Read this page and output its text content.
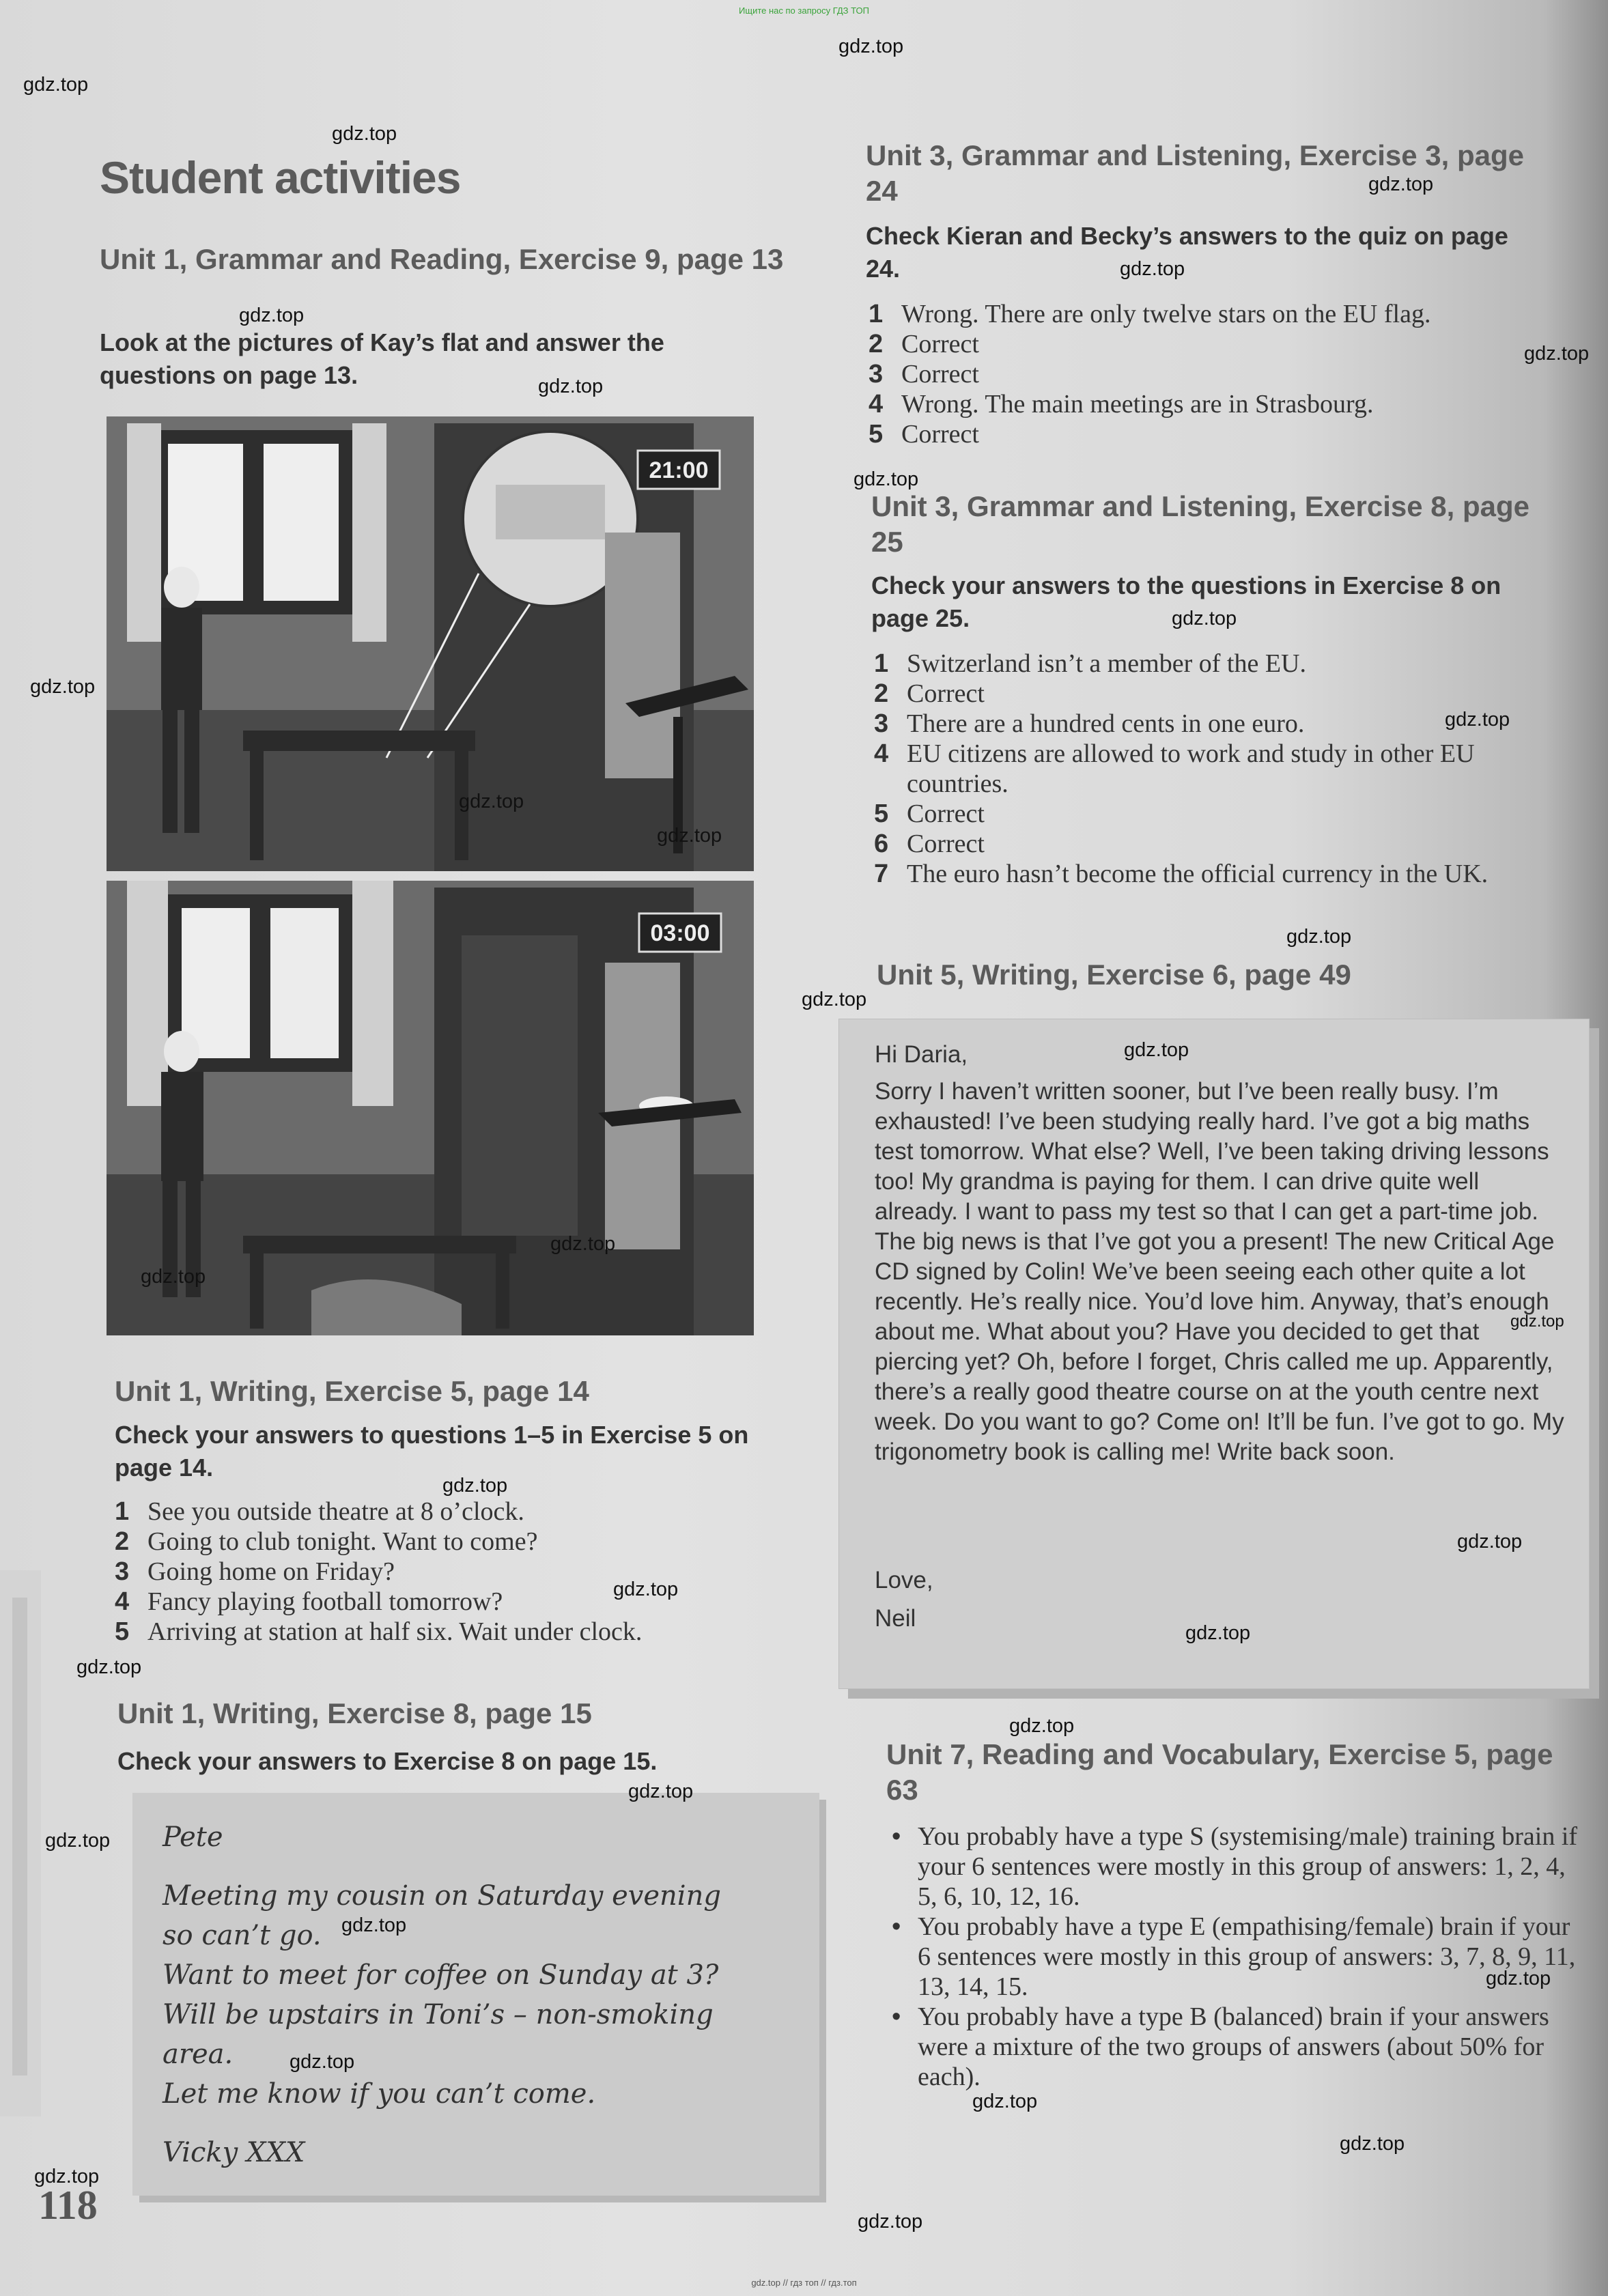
Ищите нас по запросу ГДЗ ТОП
Student activities
Unit 1, Grammar and Reading, Exercise 9, page 13
Look at the pictures of Kay’s flat and answer the questions on page 13.
21:00
03:00
Unit 1, Writing, Exercise 5, page 14
Check your answers to questions 1–5 in Exercise 5 on page 14.
1 See you outside theatre at 8 o’clock.
2 Going to club tonight. Want to come?
3 Going home on Friday?
4 Fancy playing football tomorrow?
5 Arriving at station at half six. Wait under clock.
Unit 1, Writing, Exercise 8, page 15
Check your answers to Exercise 8 on page 15.
Pete
Meeting my cousin on Saturday evening
so can’t go.
Want to meet for coffee on Sunday at 3?
Will be upstairs in Toni’s – non-smoking
area.
Let me know if you can’t come.
Vicky XXX
118
Unit 3, Grammar and Listening, Exercise 3, page 24
Check Kieran and Becky’s answers to the quiz on page 24.
1 Wrong. There are only twelve stars on the EU flag.
2 Correct
3 Correct
4 Wrong. The main meetings are in Strasbourg.
5 Correct
Unit 3, Grammar and Listening, Exercise 8, page 25
Check your answers to the questions in Exercise 8 on page 25.
1 Switzerland isn’t a member of the EU.
2 Correct
3 There are a hundred cents in one euro.
4 EU citizens are allowed to work and study in other EU countries.
5 Correct
6 Correct
7 The euro hasn’t become the official currency in the UK.
Unit 5, Writing, Exercise 6, page 49

Hi Daria,

Sorry I haven’t written sooner, but I’ve been really busy. I’m exhausted! I’ve been studying really hard. I’ve got a big maths test tomorrow. What else? Well, I’ve been taking driving lessons too! My grandma is paying for them. I can drive quite well already. I want to pass my test so that I can get a part-time job. The big news is that I’ve got you a present! The new Critical Age CD signed by Colin! We’ve been seeing each other quite a lot recently. He’s really nice. You’d love him. Anyway, that’s enough about me. What about you? Have you decided to get that piercing yet? Oh, before I forget, Chris called me up. Apparently, there’s a really good theatre course on at the youth centre next week. Do you want to go? Come on! It’ll be fun. I’ve got to go. My trigonometry book is calling me! Write back soon.

Love,

Neil

Unit 7, Reading and Vocabulary, Exercise 5, page 63
• You probably have a type S (systemising/male) training brain if your 6 sentences were mostly in this group of answers: 1, 2, 4, 5, 6, 10, 12, 16.
• You probably have a type E (empathising/female) brain if your 6 sentences were mostly in this group of answers: 3, 7, 8, 9, 11, 13, 14, 15.
• You probably have a type B (balanced) brain if your answers were a mixture of the two groups of answers (about 50% for each).
gdz.top
gdz.top
gdz.top
gdz.top
gdz.top
gdz.top
gdz.top
gdz.top
gdz.top
gdz.top
gdz.top
gdz.top
gdz.top
gdz.top
gdz.top
gdz.top
gdz.top
gdz.top
gdz.top
gdz.top
gdz.top
gdz.top
gdz.top
gdz.top
gdz.top
gdz.top
gdz.top
gdz.top
gdz.top
gdz.top
gdz.top
gdz.top
gdz.top
gdz.top
gdz.top
gdz.top // гдз топ // гдз.топ
